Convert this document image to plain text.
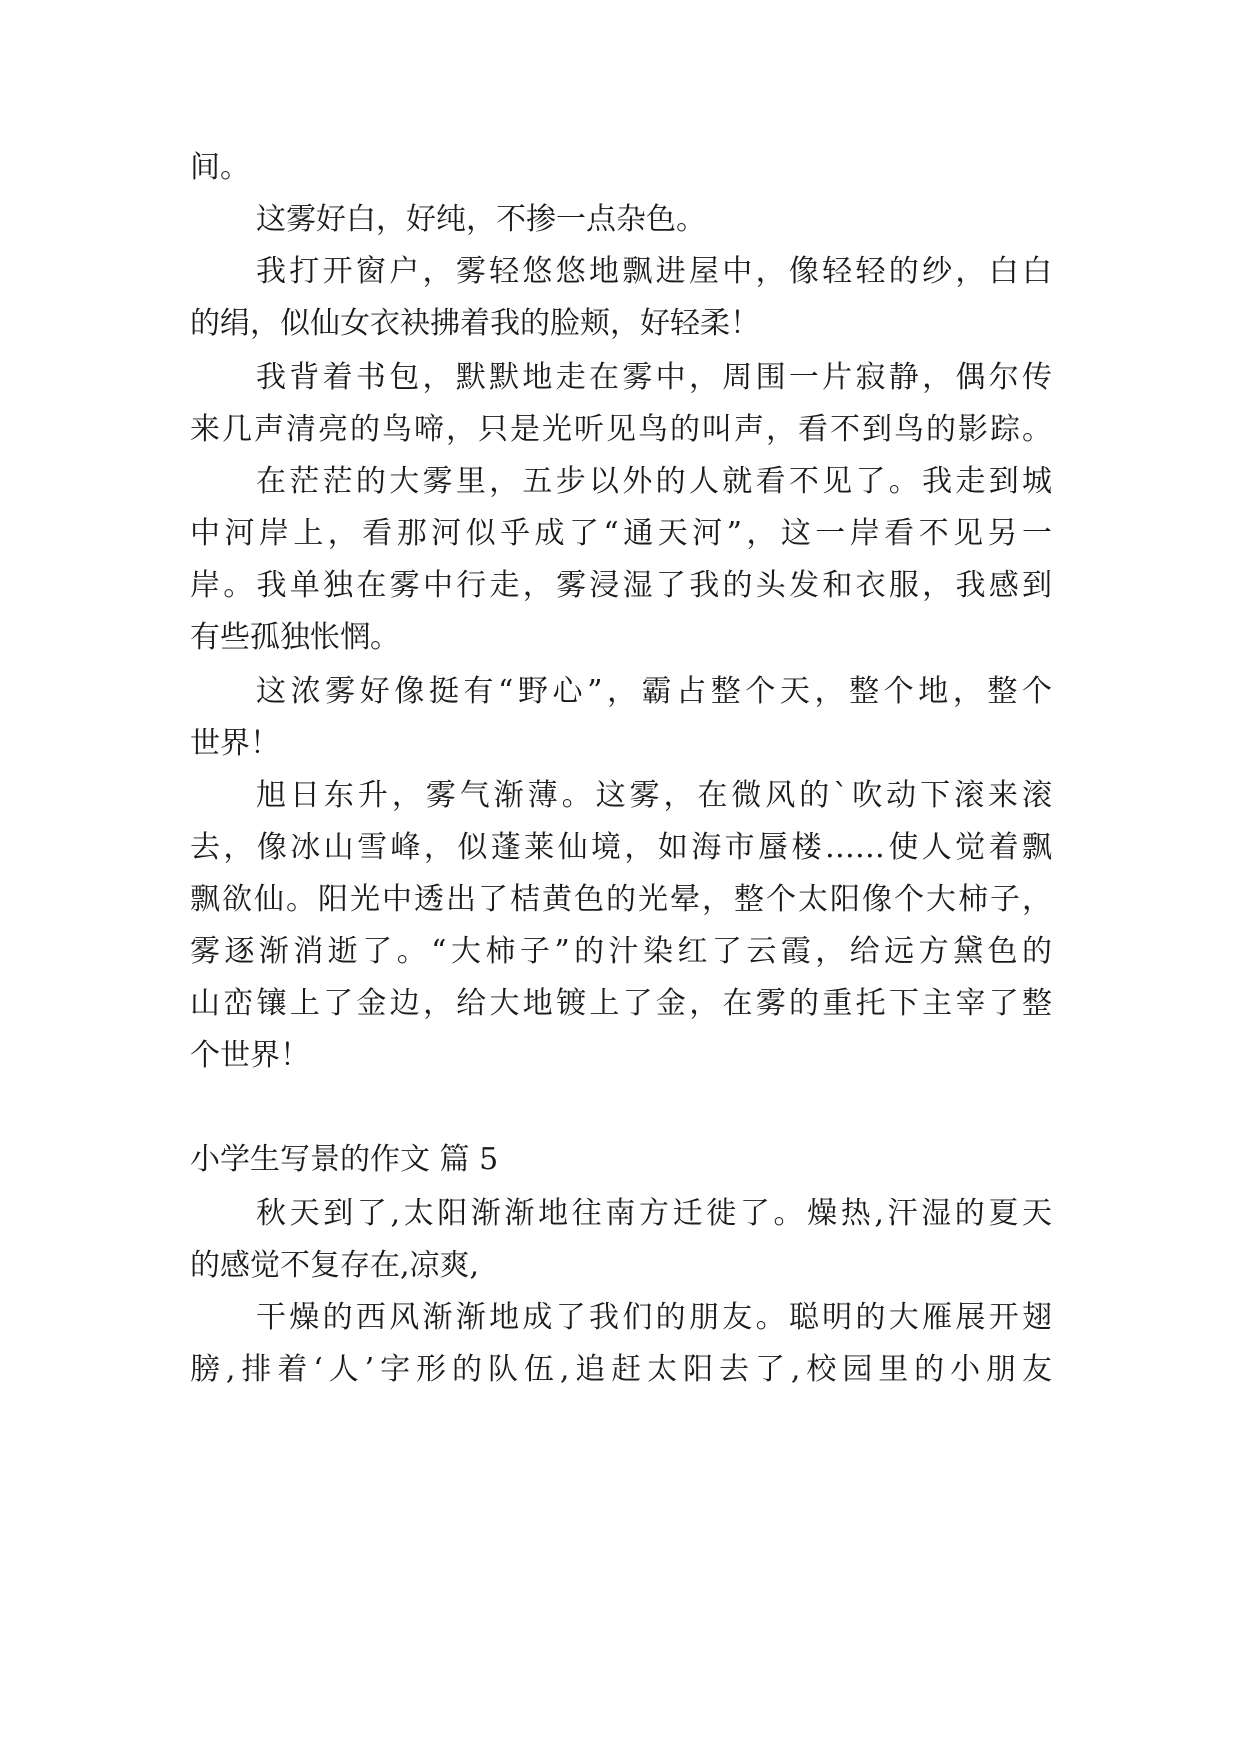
间。
这雾好白，好纯，不掺一点杂色。
我打开窗户，雾轻悠悠地飘进屋中，像轻轻的纱，白白
的绢，似仙女衣袂拂着我的脸颊，好轻柔！
我背着书包，默默地走在雾中，周围一片寂静，偶尔传
来几声清亮的鸟啼，只是光听见鸟的叫声，看不到鸟的影踪。
在茫茫的大雾里，五步以外的人就看不见了。我走到城
中河岸上，看那河似乎成了“通天河”，这一岸看不见另一
岸。我单独在雾中行走，雾浸湿了我的头发和衣服，我感到
有些孤独怅惘。
这浓雾好像挺有“野心”，霸占整个天，整个地，整个
世界！
旭日东升，雾气渐薄。这雾，在微风的`吹动下滚来滚
去，像冰山雪峰，似蓬莱仙境，如海市蜃楼……使人觉着飘
飘欲仙。阳光中透出了桔黄色的光晕，整个太阳像个大柿子，
雾逐渐消逝了。“大柿子”的汁染红了云霞，给远方黛色的
山峦镶上了金边，给大地镀上了金，在雾的重托下主宰了整
个世界！
小学生写景的作文 篇 5
秋天到了,太阳渐渐地往南方迁徙了。燥热,汗湿的夏天
的感觉不复存在,凉爽,
干燥的西风渐渐地成了我们的朋友。聪明的大雁展开翅
膀,排着‘人’字形的队伍,追赶太阳去了,校园里的小朋友
